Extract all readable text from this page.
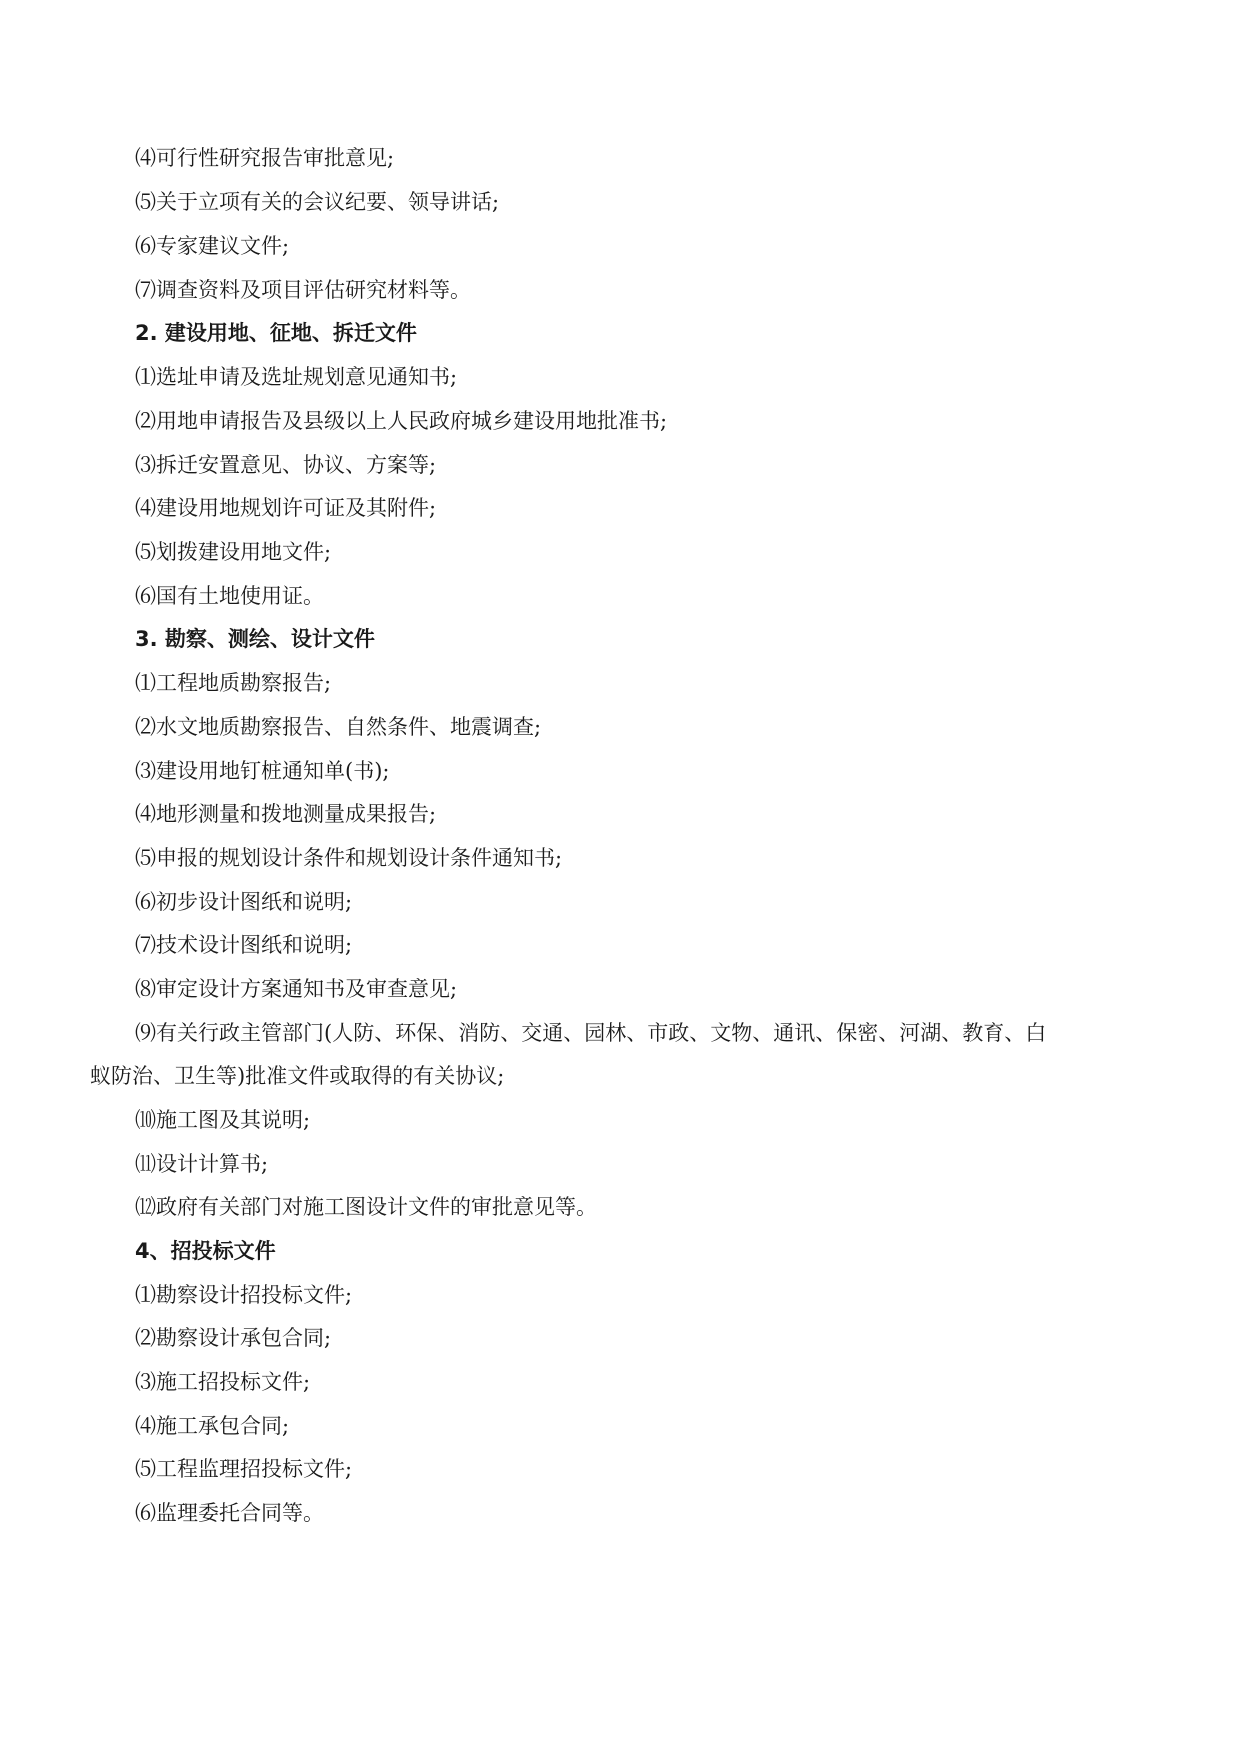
⑷可行性研究报告审批意见;
⑸关于立项有关的会议纪要、领导讲话;
⑹专家建议文件;
⑺调查资料及项目评估研究材料等。
2. 建设用地、征地、拆迁文件
⑴选址申请及选址规划意见通知书;
⑵用地申请报告及县级以上人民政府城乡建设用地批准书;
⑶拆迁安置意见、协议、方案等;
⑷建设用地规划许可证及其附件;
⑸划拨建设用地文件;
⑹国有土地使用证。
3. 勘察、测绘、设计文件
⑴工程地质勘察报告;
⑵水文地质勘察报告、自然条件、地震调查;
⑶建设用地钉桩通知单(书);
⑷地形测量和拨地测量成果报告;
⑸申报的规划设计条件和规划设计条件通知书;
⑹初步设计图纸和说明;
⑺技术设计图纸和说明;
⑻审定设计方案通知书及审查意见;
⑼有关行政主管部门(人防、环保、消防、交通、园林、市政、文物、通讯、保密、河湖、教育、白
蚁防治、卫生等)批准文件或取得的有关协议;
⑽施工图及其说明;
⑾设计计算书;
⑿政府有关部门对施工图设计文件的审批意见等。
4、招投标文件
⑴勘察设计招投标文件;
⑵勘察设计承包合同;
⑶施工招投标文件;
⑷施工承包合同;
⑸工程监理招投标文件;
⑹监理委托合同等。
